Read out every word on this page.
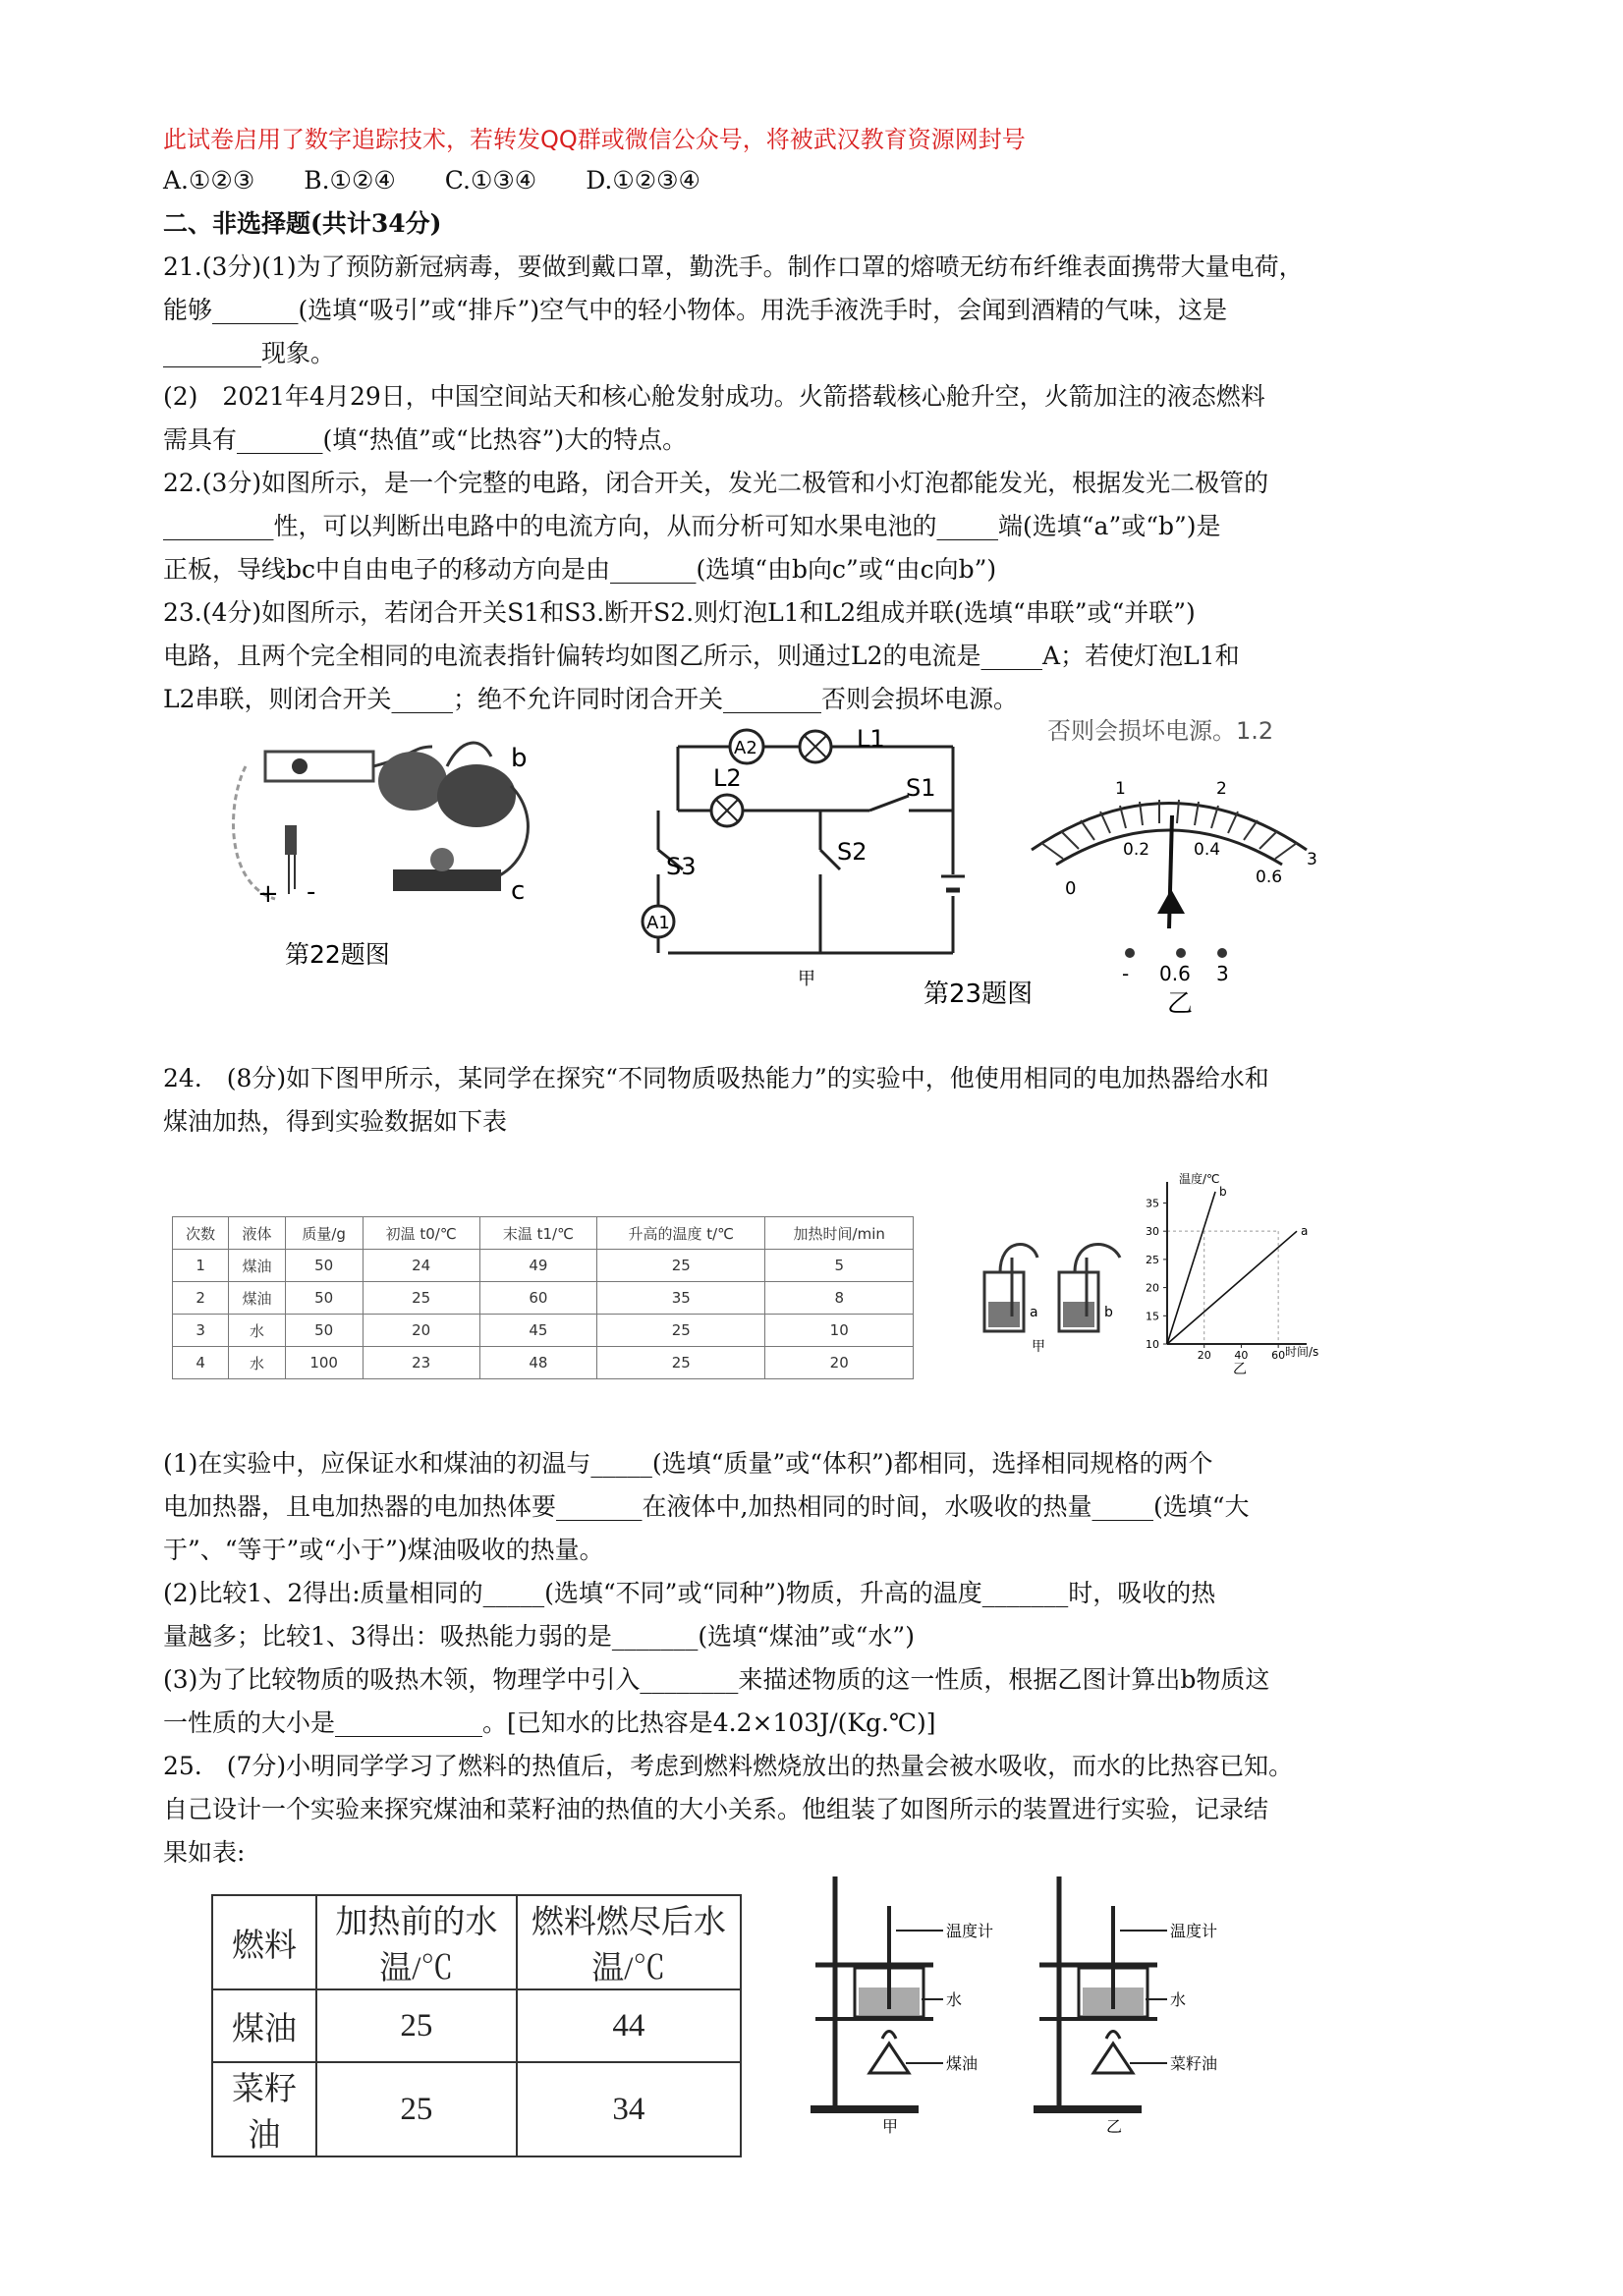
此试卷启用了数字追踪技术，若转发QQ群或微信公众号，将被武汉教育资源网封号
A.①②③　　B.①②④　　C.①③④　　D.①②③④
二、非选择题(共计34分)
21.(3分)(1)为了预防新冠病毒，要做到戴口罩，勤洗手。制作口罩的熔喷无纺布纤维表面携带大量电荷，
能够_______(选填“吸引”或“排斥”)空气中的轻小物体。用洗手液洗手时，会闻到酒精的气味，这是
________现象。
(2)　2021年4月29日，中国空间站天和核心舱发射成功。火箭搭载核心舱升空，火箭加注的液态燃料
需具有_______(填“热值”或“比热容”)大的特点。
22.(3分)如图所示，是一个完整的电路，闭合开关，发光二极管和小灯泡都能发光，根据发光二极管的
_________性，可以判断出电路中的电流方向，从而分析可知水果电池的_____端(选填“a”或“b”)是
正板，导线bc中自由电子的移动方向是由_______(选填“由b向c”或“由c向b”)
23.(4分)如图所示，若闭合开关S1和S3.断开S2.则灯泡L1和L2组成并联(选填“串联”或“并联”)
电路，且两个完全相同的电流表指针偏转均如图乙所示，则通过L2的电流是_____A；若使灯泡L1和
L2串联，则闭合开关_____；绝不允许同时闭合开关________否则会损坏电源。
b
c
+ -
第22题图
A2	L1
L2	S1
S3
S2
A1
甲
第23题图
否则会损坏电源。1.2
0
0.2	0.4
0.6
1	2
3
- 0.6 3
乙
24.　(8分)如下图甲所示，某同学在探究“不同物质吸热能力”的实验中，他使用相同的电加热器给水和
煤油加热，得到实验数据如下表
次数	液体	质量/g	初温 t0/℃	末温 t1/℃	升高的温度 t/℃	加热时间/min
1	煤油	50	24	49	25	5
2	煤油	50	25	60	35	8
3	水	50	20	45	25	10
4	水	100	23	48	25	20
a	b
甲	10
15
20
25
30
35
20 40 60
a
b
温度/℃
时间/s
乙
(1)在实验中，应保证水和煤油的初温与_____(选填“质量”或“体积”)都相同，选择相同规格的两个
电加热器，且电加热器的电加热体要_______在液体中,加热相同的时间，水吸收的热量_____(选填“大
于”、“等于”或“小于”)煤油吸收的热量。
(2)比较1、2得出:质量相同的_____(选填“不同”或“同种”)物质，升高的温度_______时，吸收的热
量越多；比较1、3得出：吸热能力弱的是_______(选填“煤油”或“水”)
(3)为了比较物质的吸热木领，物理学中引入________来描述物质的这一性质，根据乙图计算出b物质这
一性质的大小是____________。[已知水的比热容是4.2×103J/(Kg.℃)]
25.　(7分)小明同学学习了燃料的热值后，考虑到燃料燃烧放出的热量会被水吸收，而水的比热容已知。
自己设计一个实验来探究煤油和菜籽油的热值的大小关系。他组装了如图所示的装置进行实验，记录结
果如表:
燃料	加热前的水温/℃	燃料燃尽后水温/℃
煤油	25	44
菜籽油	25	34
温度计
水
煤油
甲
温度计
水
菜籽油
乙
